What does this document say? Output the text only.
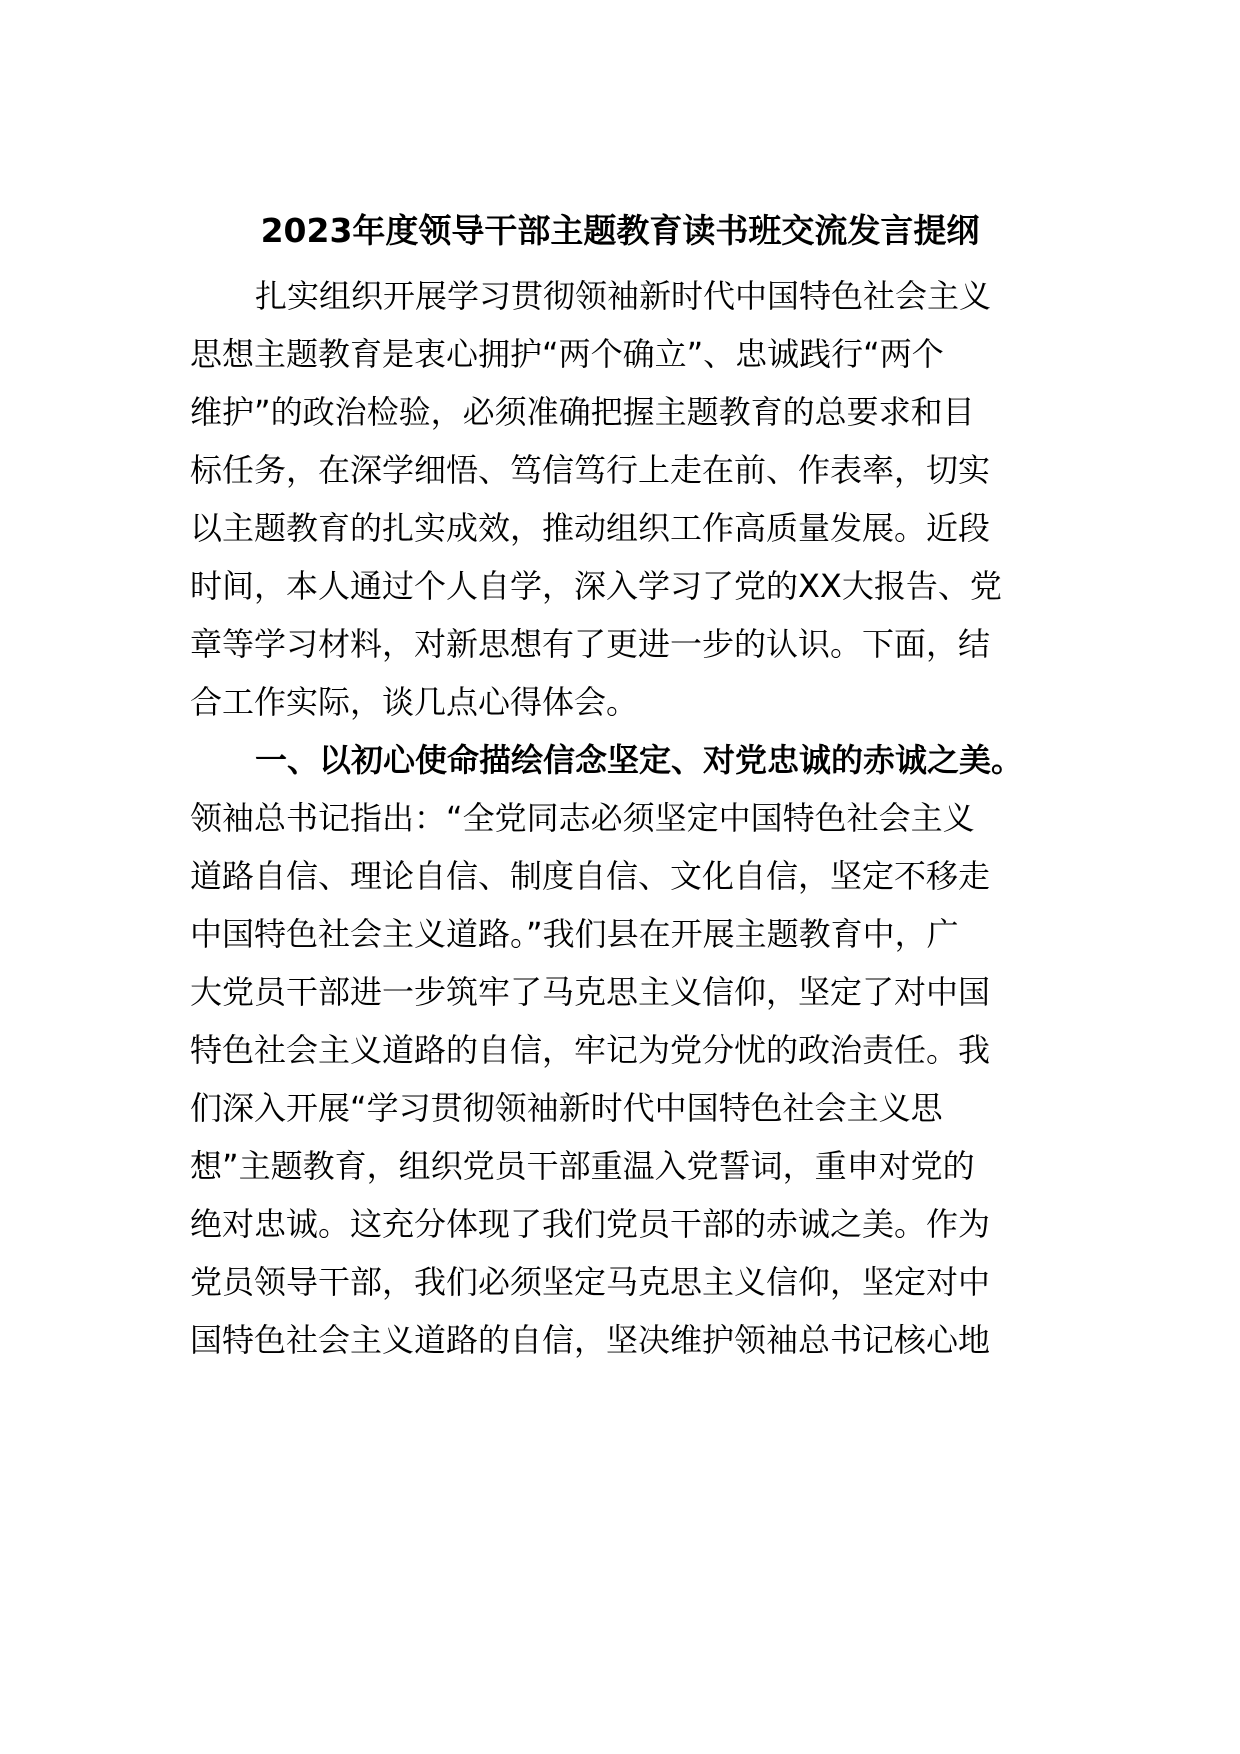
2023年度领导干部主题教育读书班交流发言提纲
扎实组织开展学习贯彻领袖新时代中国特色社会主义
思想主题教育是衷心拥护“两个确立”、忠诚践行“两个
维护”的政治检验，必须准确把握主题教育的总要求和目
标任务，在深学细悟、笃信笃行上走在前、作表率，切实
以主题教育的扎实成效，推动组织工作高质量发展。近段
时间，本人通过个人自学，深入学习了党的XX大报告、党
章等学习材料，对新思想有了更进一步的认识。下面，结
合工作实际，谈几点心得体会。
一、以初心使命描绘信念坚定、对党忠诚的赤诚之美。
领袖总书记指出：“全党同志必须坚定中国特色社会主义
道路自信、理论自信、制度自信、文化自信，坚定不移走
中国特色社会主义道路。”我们县在开展主题教育中，广
大党员干部进一步筑牢了马克思主义信仰，坚定了对中国
特色社会主义道路的自信，牢记为党分忧的政治责任。我
们深入开展“学习贯彻领袖新时代中国特色社会主义思
想”主题教育，组织党员干部重温入党誓词，重申对党的
绝对忠诚。这充分体现了我们党员干部的赤诚之美。作为
党员领导干部，我们必须坚定马克思主义信仰，坚定对中
国特色社会主义道路的自信，坚决维护领袖总书记核心地
